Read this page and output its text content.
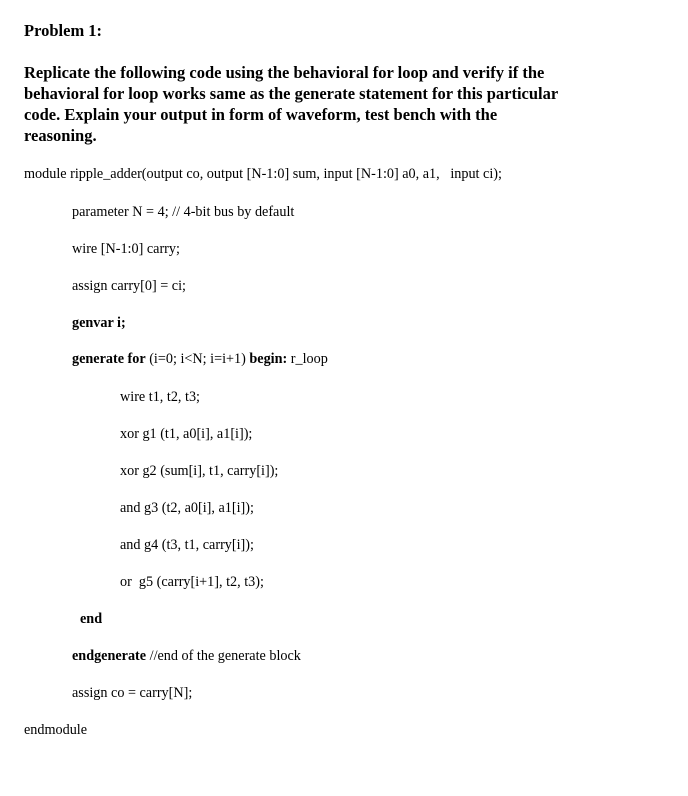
Problem 1:
Replicate the following code using the behavioral for loop and verify if the
behavioral for loop works same as the generate statement for this particular
code. Explain your output in form of waveform, test bench with the
reasoning.
module ripple_adder(output co, output [N-1:0] sum, input [N-1:0] a0, a1,   input ci);
parameter N = 4; // 4-bit bus by default
wire [N-1:0] carry;
assign carry[0] = ci;
genvar i;
generate for (i=0; i<N; i=i+1) begin: r_loop
wire t1, t2, t3;
xor g1 (t1, a0[i], a1[i]);
xor g2 (sum[i], t1, carry[i]);
and g3 (t2, a0[i], a1[i]);
and g4 (t3, t1, carry[i]);
or  g5 (carry[i+1], t2, t3);
end
endgenerate //end of the generate block
assign co = carry[N];
endmodule
